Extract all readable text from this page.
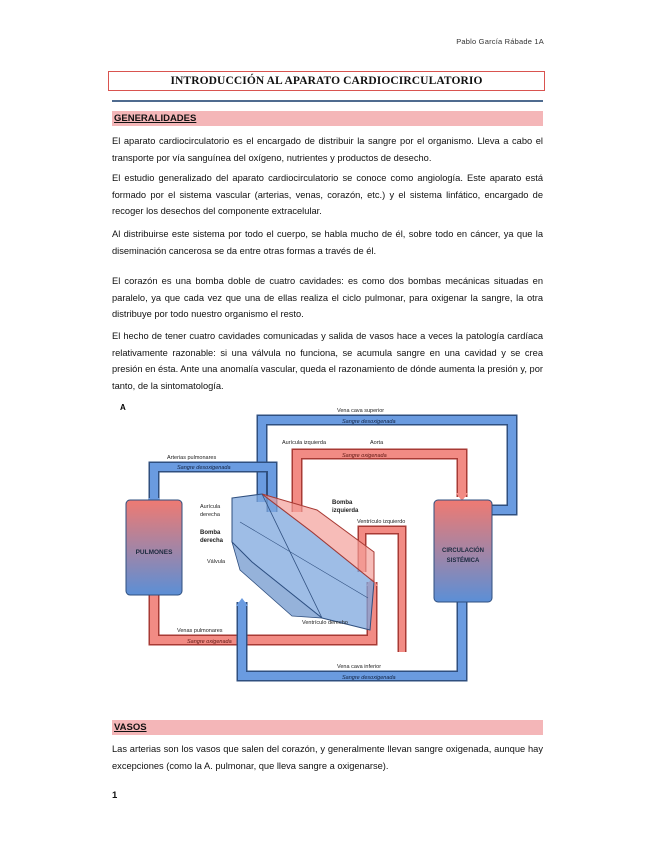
Pablo García Rábade 1A
INTRODUCCIÓN AL APARATO CARDIOCIRCULATORIO
GENERALIDADES
El aparato cardiocirculatorio es el encargado de distribuir la sangre por el organismo. Lleva a cabo el transporte por vía sanguínea del oxígeno, nutrientes y productos de desecho.
El estudio generalizado del aparato cardiocirculatorio se conoce como angiología. Este aparato está formado por el sistema vascular (arterias, venas, corazón, etc.) y el sistema linfático, encargado de recoger los desechos del componente extracelular.
Al distribuirse este sistema por todo el cuerpo, se habla mucho de él, sobre todo en cáncer, ya que la diseminación cancerosa se da entre otras formas a través de él.
El corazón es una bomba doble de cuatro cavidades: es como dos bombas mecánicas situadas en paralelo, ya que cada vez que una de ellas realiza el ciclo pulmonar, para oxigenar la sangre, la otra distribuye por todo nuestro organismo el resto.
El hecho de tener cuatro cavidades comunicadas y salida de vasos hace a veces la patología cardíaca relativamente razonable: si una válvula no funciona, se acumula sangre en una cavidad y se crea presión en ésta. Ante una anomalía vascular, queda el razonamiento de dónde aumenta la presión y, por tanto, de la sintomatología.
A
PULMONES	CIRCULACIÓN
SISTÉMICA
Vena cava superior
Sangre desoxigenada
Arterias pulmonares
Sangre desoxigenada
Aurícula izquierda	Aorta
Sangre oxigenada
Aurícula
derecha
Bomba
izquierda
Ventrículo izquierdo
Bomba
derecha
Válvula
Ventrículo derecho
Venas pulmonares
Sangre oxigenada
Vena cava inferior
Sangre desoxigenada
VASOS
Las arterias son los vasos que salen del corazón, y generalmente llevan sangre oxigenada, aunque hay excepciones (como la A. pulmonar, que lleva sangre a oxigenarse).
1
